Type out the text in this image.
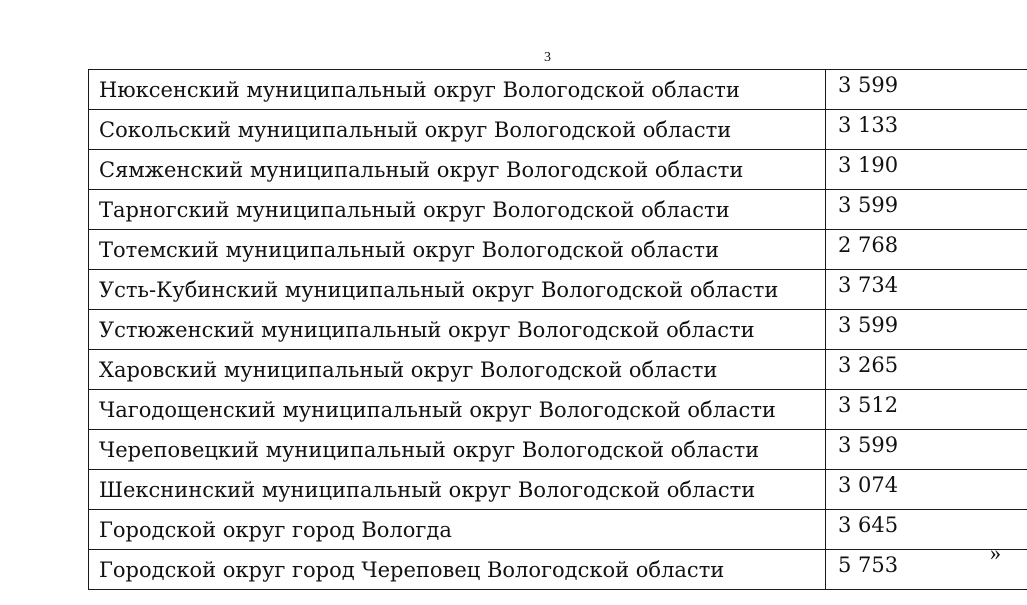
3
Нюксенский муниципальный округ Вологодской области	3 599
Сокольский муниципальный округ Вологодской области	3 133
Сямженский муниципальный округ Вологодской области	3 190
Тарногский муниципальный округ Вологодской области	3 599
Тотемский муниципальный округ Вологодской области	2 768
Усть-Кубинский муниципальный округ Вологодской области	3 734
Устюженский муниципальный округ Вологодской области	3 599
Харовский муниципальный округ Вологодской области	3 265
Чагодощенский муниципальный округ Вологодской области	3 512
Череповецкий муниципальный округ Вологодской области	3 599
Шекснинский муниципальный округ Вологодской области	3 074
Городской округ город Вологда	3 645
Городской округ город Череповец Вологодской области	5 753	»
